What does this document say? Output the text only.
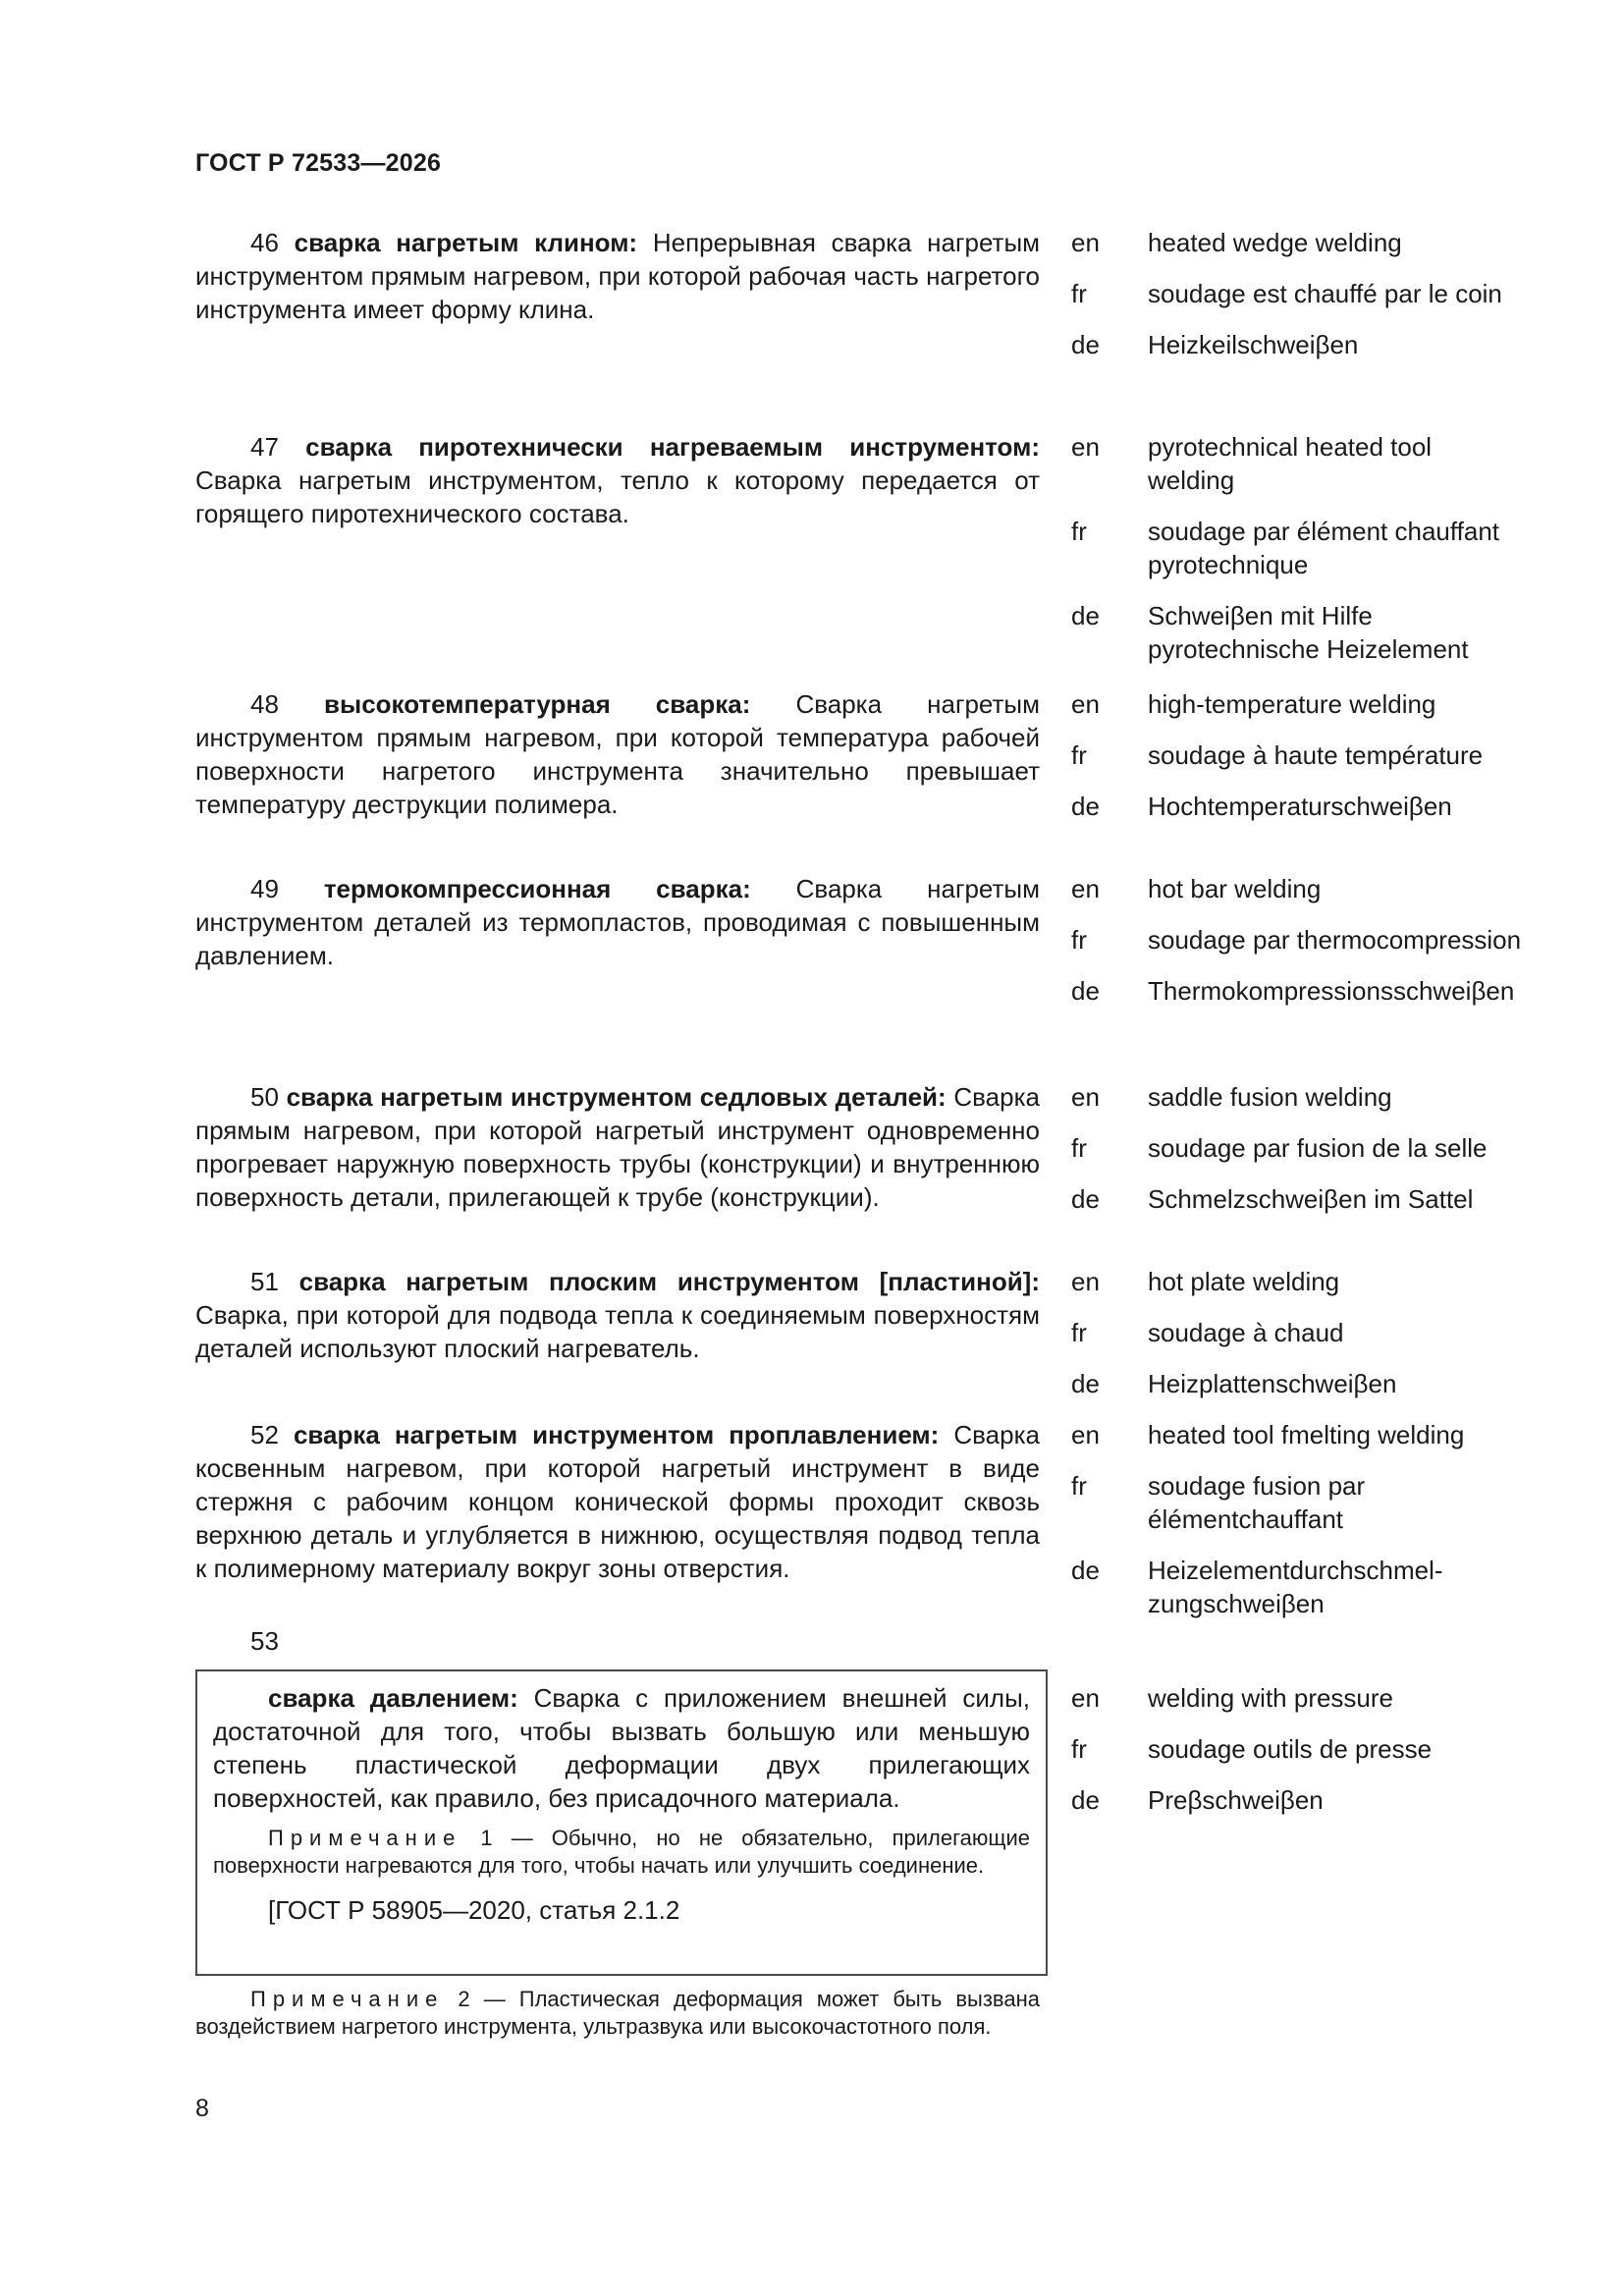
ГОСТ Р 72533—2026

46 сварка нагретым клином: Непрерывная сварка нагретым инструментом прямым нагревом, при которой рабочая часть нагретого инструмента имеет форму клина.

en	heated wedge welding
fr	soudage est chauffé par le coin
de	Heizkeilschweiβen

47 сварка пиротехнически нагреваемым инструментом: Сварка нагретым инструментом, тепло к которому передается от горящего пиротехнического состава.

en	pyrotechnical heated tool welding
fr	soudage par élément chauffant pyrotechnique
de	Schweiβen mit Hilfe pyrotechnische Heizelement

48 высокотемпературная сварка: Сварка нагретым инструментом прямым нагревом, при которой температура рабочей поверхности нагретого инструмента значительно превышает температуру деструкции полимера.

en	high-temperature welding
fr	soudage à haute température
de	Hochtemperaturschweiβen

49 термокомпрессионная сварка: Сварка нагретым инструментом деталей из термопластов, проводимая с повышенным давлением.

en	hot bar welding
fr	soudage par thermocompression
de	Thermokompressionsschweiβen

50 сварка нагретым инструментом седловых деталей: Сварка прямым нагревом, при которой нагретый инструмент одновременно прогревает наружную поверхность трубы (конструкции) и внутреннюю поверхность детали, прилегающей к трубе (конструкции).

en	saddle fusion welding
fr	soudage par fusion de la selle
de	Schmelzschweiβen im Sattel

51 сварка нагретым плоским инструментом [пластиной]: Сварка, при которой для подвода тепла к соединяемым поверхностям деталей используют плоский нагреватель.

en	hot plate welding
fr	soudage à chaud
de	Heizplattenschweiβen

52 сварка нагретым инструментом проплавлением: Сварка косвенным нагревом, при которой нагретый инструмент в виде стержня с рабочим концом конической формы проходит сквозь верхнюю деталь и углубляется в нижнюю, осуществляя подвод тепла к полимерному материалу вокруг зоны отверстия.

en	heated tool fmelting welding
fr	soudage fusion par élémentchauffant
de	Heizelementdurchschmel-zungschweiβen
53

сварка давлением: Сварка с приложением внешней силы, достаточной для того, чтобы вызвать большую или меньшую степень пластической деформации двух прилегающих поверхностей, как правило, без присадочного материала.

Примечание 1 — Обычно, но не обязательно, прилегающие поверхности нагреваются для того, чтобы начать или улучшить соединение.

[ГОСТ Р 58905—2020, статья 2.1.2
en	welding with pressure
fr	soudage outils de presse
de	Preβschweiβen

Примечание 2 — Пластическая деформация может быть вызвана воздействием нагретого инструмента, ультразвука или высокочастотного поля.

8
